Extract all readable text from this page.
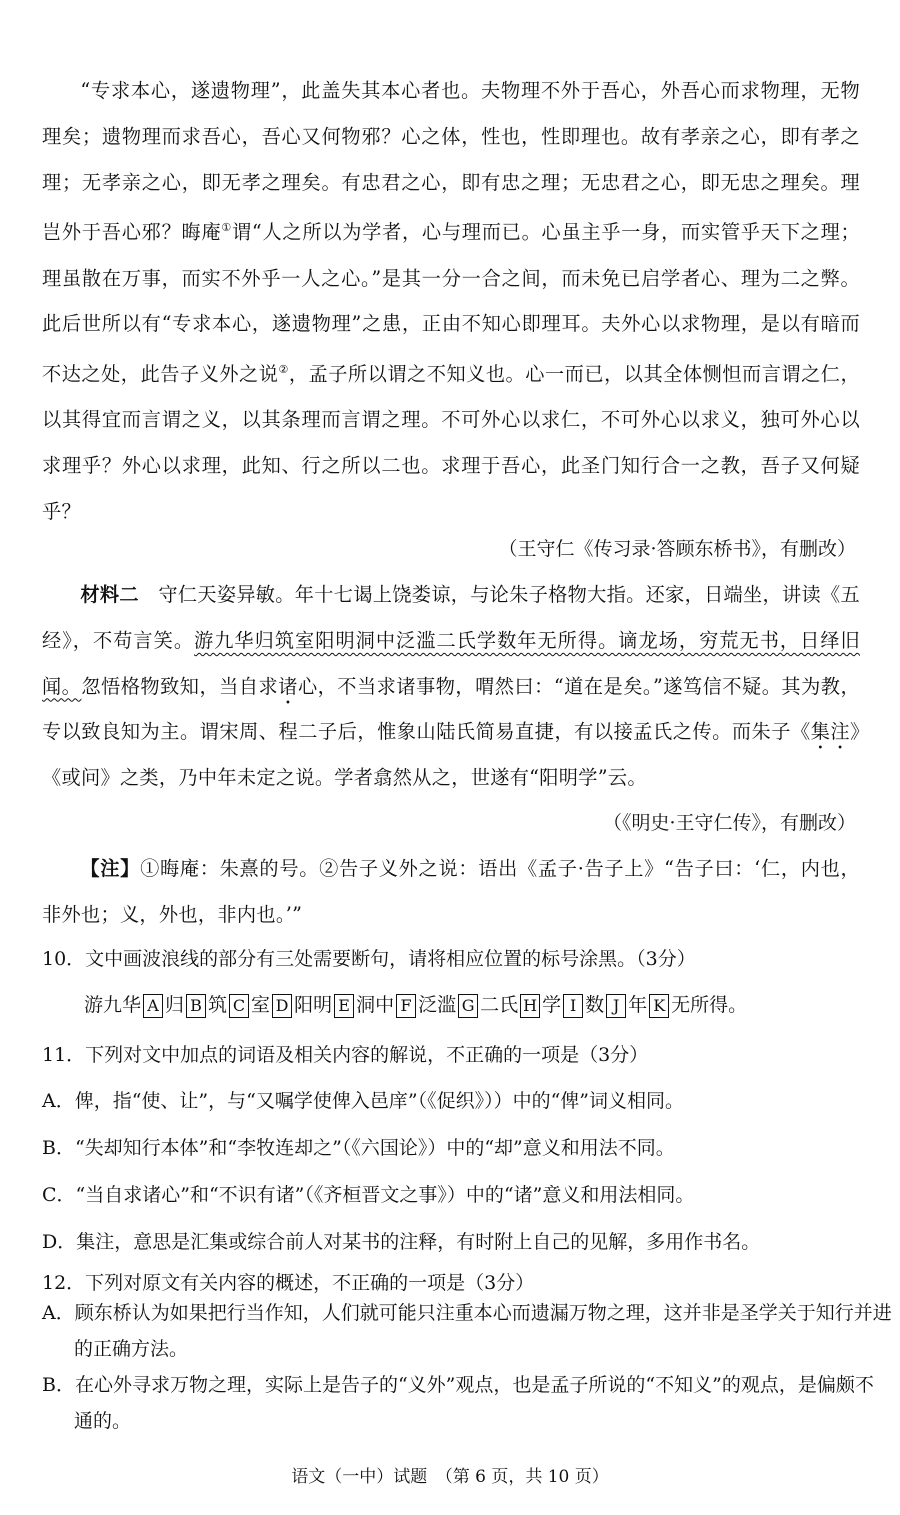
“专求本心，遂遗物理”，此盖失其本心者也。夫物理不外于吾心，外吾心而求物理，无物理矣；遗物理而求吾心，吾心又何物邪？心之体，性也，性即理也。故有孝亲之心，即有孝之理；无孝亲之心，即无孝之理矣。有忠君之心，即有忠之理；无忠君之心，即无忠之理矣。理岂外于吾心邪？晦庵①谓“人之所以为学者，心与理而已。心虽主乎一身，而实管乎天下之理；理虽散在万事，而实不外乎一人之心。”是其一分一合之间，而未免已启学者心、理为二之弊。此后世所以有“专求本心，遂遗物理”之患，正由不知心即理耳。夫外心以求物理，是以有暗而不达之处，此告子义外之说②，孟子所以谓之不知义也。心一而已，以其全体恻怛而言谓之仁，以其得宜而言谓之义，以其条理而言谓之理。不可外心以求仁，不可外心以求义，独可外心以求理乎？外心以求理，此知、行之所以二也。求理于吾心，此圣门知行合一之教，吾子又何疑乎？

（王守仁《传习录·答顾东桥书》，有删改）

材料二　 守仁天姿异敏。年十七谒上饶娄谅，与论朱子格物大指。还家，日端坐，讲读《五经》，不苟言笑。游九华归筑室阳明洞中泛滥二氏学数年无所得。谪龙场，穷荒无书，日绎旧闻。忽悟格物致知，当自求诸心，不当求诸事物，喟然曰：“道在是矣。”遂笃信不疑。其为教，专以致良知为主。谓宋周、程二子后，惟象山陆氏简易直捷，有以接孟氏之传。而朱子《集注》《或问》之类，乃中年未定之说。学者翕然从之，世遂有“阳明学”云。

（《明史·王守仁传》，有删改）

【注】①晦庵：朱熹的号。②告子义外之说：语出《孟子·告子上》“告子曰：‘仁，内也，非外也；义，外也，非内也。’”

10．文中画波浪线的部分有三处需要断句，请将相应位置的标号涂黑。（3分）
游九华 A 归 B 筑 C 室 D 阳明 E 洞中 F 泛滥 G 二氏 H 学 I 数 J 年 K 无所得。
11．下列对文中加点的词语及相关内容的解说，不正确的一项是（3分）
A．俾，指“使、让”，与“又嘱学使俾入邑庠”（《促织》））中的“俾”词义相同。
B．“失却知行本体”和“李牧连却之”（《六国论》）中的“却”意义和用法不同。
C．“当自求诸心”和“不识有诸”（《齐桓晋文之事》）中的“诸”意义和用法相同。
D．集注，意思是汇集或综合前人对某书的注释，有时附上自己的见解，多用作书名。
12．下列对原文有关内容的概述，不正确的一项是（3分）
A．顾东桥认为如果把行当作知，人们就可能只注重本心而遗漏万物之理，这并非是圣学关于知行并进的正确方法。
B．在心外寻求万物之理，实际上是告子的“义外”观点，也是孟子所说的“不知义”的观点，是偏颇不通的。
语文（一中）试题　（第 6 页，共 10 页）
